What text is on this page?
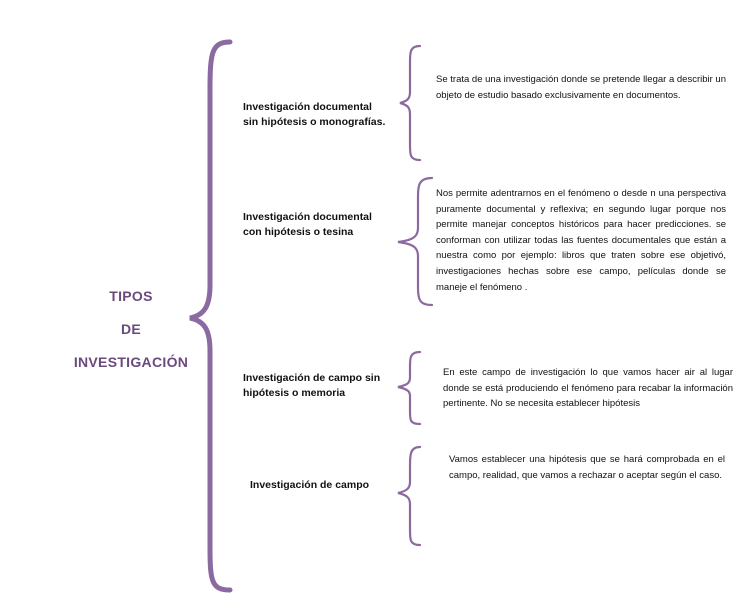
TIPOS
DE
INVESTIGACIÓN
Investigación documental
sin hipótesis o monografías.
Se trata de una investigación donde se pretende llegar a describir un objeto de estudio basado exclusivamente en documentos.
Investigación documental
con hipótesis o tesina
Nos permite adentrarnos en el fenómeno o desde n una perspectiva puramente documental y reflexiva; en segundo lugar porque nos permite manejar conceptos históricos para hacer predicciones. se conforman con utilizar todas las fuentes documentales que están a nuestra como por ejemplo: libros que traten sobre ese objetivó, investigaciones hechas sobre ese campo, películas donde se maneje el fenómeno .
Investigación de campo sin
hipótesis o memoria
En este campo de investigación lo que vamos hacer air al lugar donde se está produciendo el fenómeno para recabar la información pertinente. No se necesita establecer hipótesis
Investigación de campo
Vamos establecer una hipótesis que se hará comprobada en el campo, realidad, que vamos a rechazar o aceptar según el caso.
